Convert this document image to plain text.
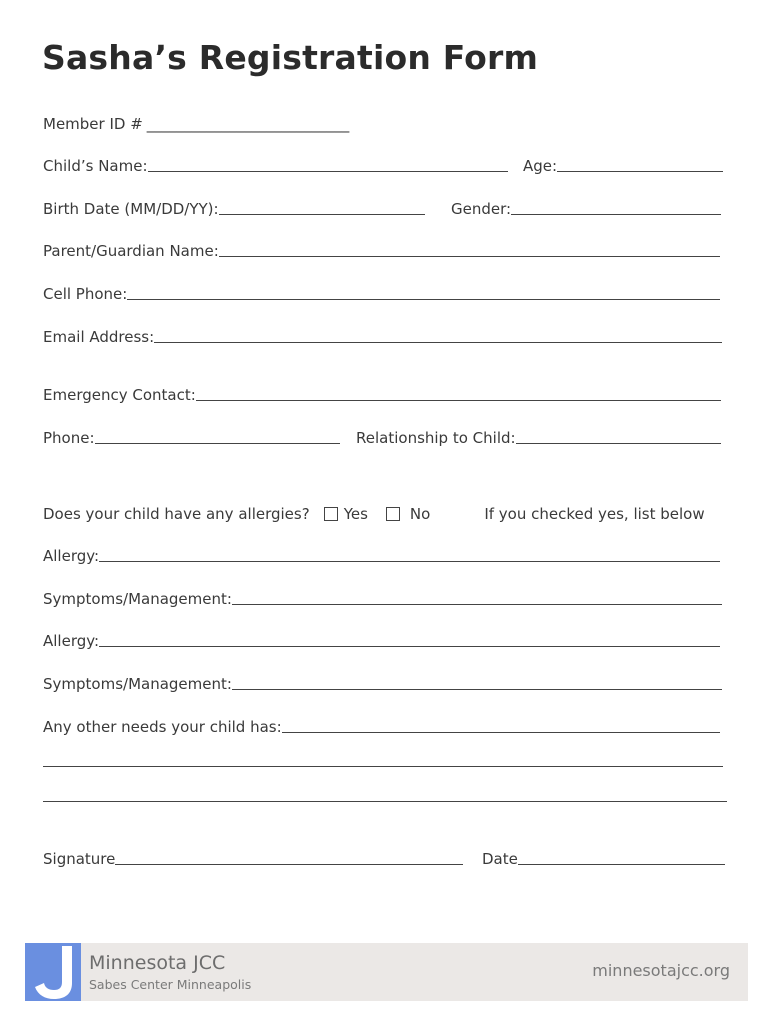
Sasha’s Registration Form
Member ID # ___________________________
Child’s Name:	Age:
Birth Date (MM/DD/YY):	Gender:
Parent/Guardian Name:
Cell Phone:
Email Address:
Emergency Contact:
Phone:	Relationship to Child:
Does your child have any allergies? Yes	No	If you checked yes, list below
Allergy:
Symptoms/Management:
Allergy:
Symptoms/Management:
Any other needs your child has:
Signature	Date
Minnesota JCC
Sabes Center Minneapolis
minnesotajcc.org
